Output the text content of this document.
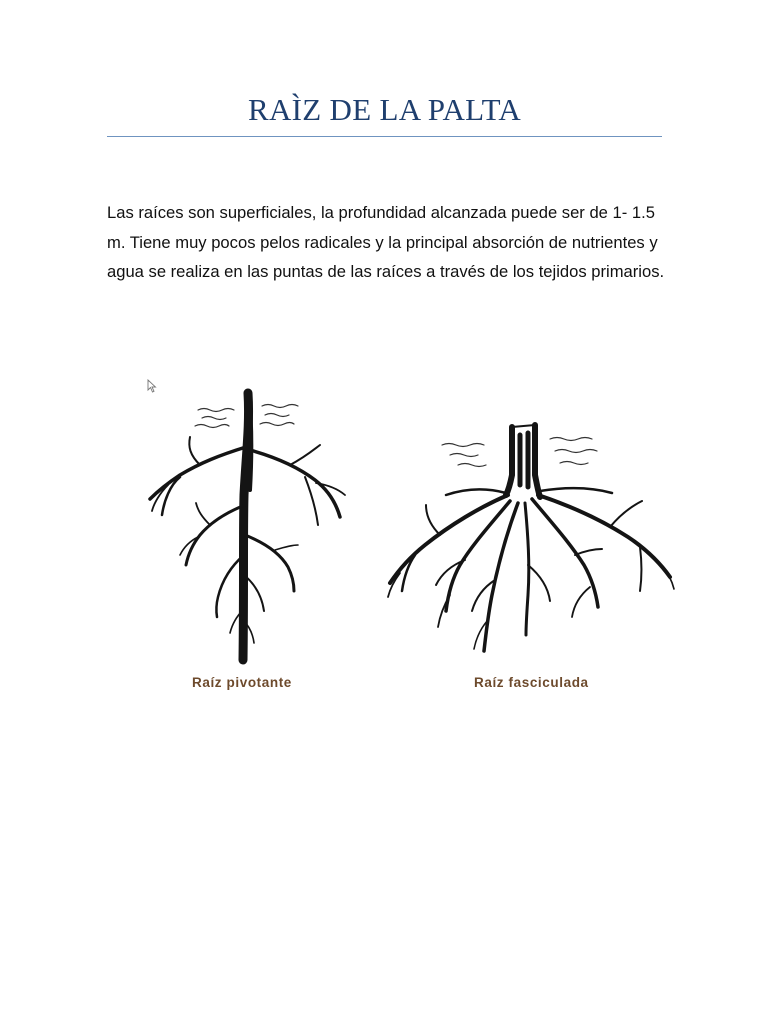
RAÌZ DE LA PALTA

Las raíces son superficiales, la profundidad alcanzada puede ser de 1- 1.5 m. Tiene muy pocos pelos radicales y la principal absorción de nutrientes y agua se realiza en las puntas de las raíces a través de los tejidos primarios.

Raíz pivotante	Raíz fasciculada
